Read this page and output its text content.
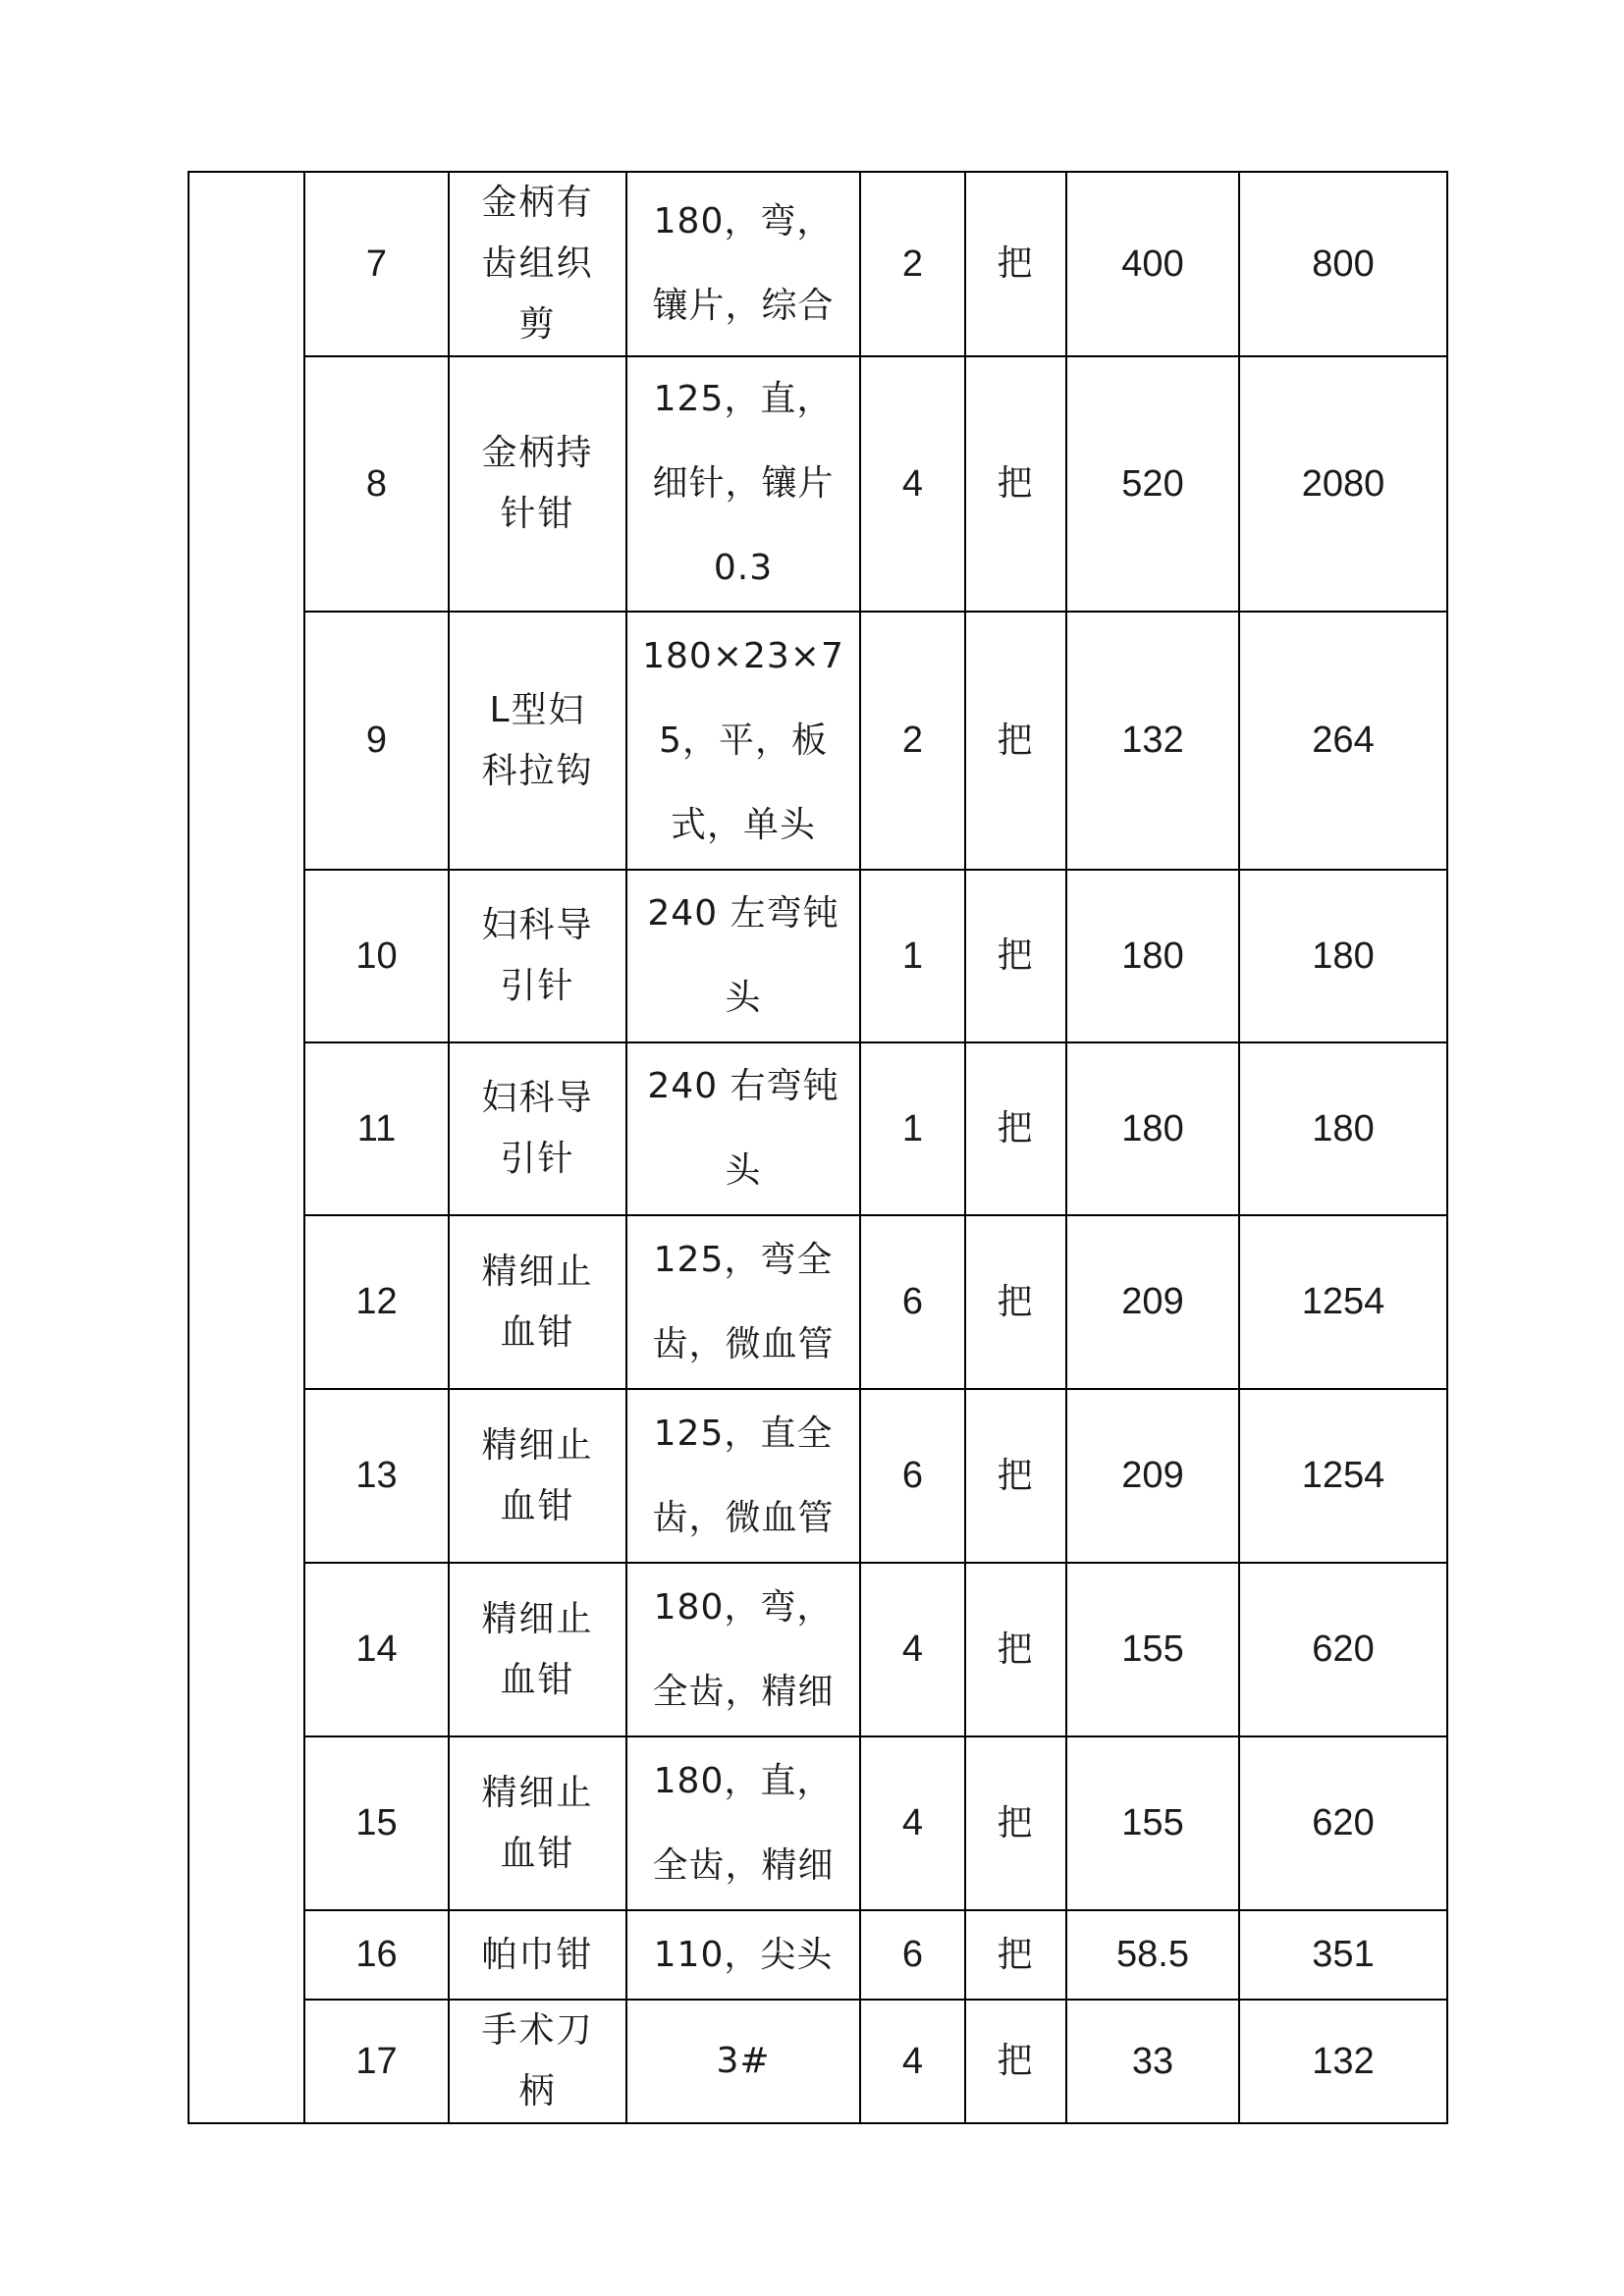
	7	金柄有齿组织剪	180，弯，镶片，综合	2	把	400	800
	8	金柄持针钳	125，直，细针，镶片0.3	4	把	520	2080
	9	L型妇科拉钩	180×23×75，平，板式，单头	2	把	132	264
	10	妇科导引针	240 左弯钝头	1	把	180	180
	11	妇科导引针	240 右弯钝头	1	把	180	180
	12	精细止血钳	125，弯全齿，微血管	6	把	209	1254
	13	精细止血钳	125，直全齿，微血管	6	把	209	1254
	14	精细止血钳	180，弯，全齿，精细	4	把	155	620
	15	精细止血钳	180，直，全齿，精细	4	把	155	620
	16	帕巾钳	110，尖头	6	把	58.5	351
	17	手术刀柄	3#	4	把	33	132
